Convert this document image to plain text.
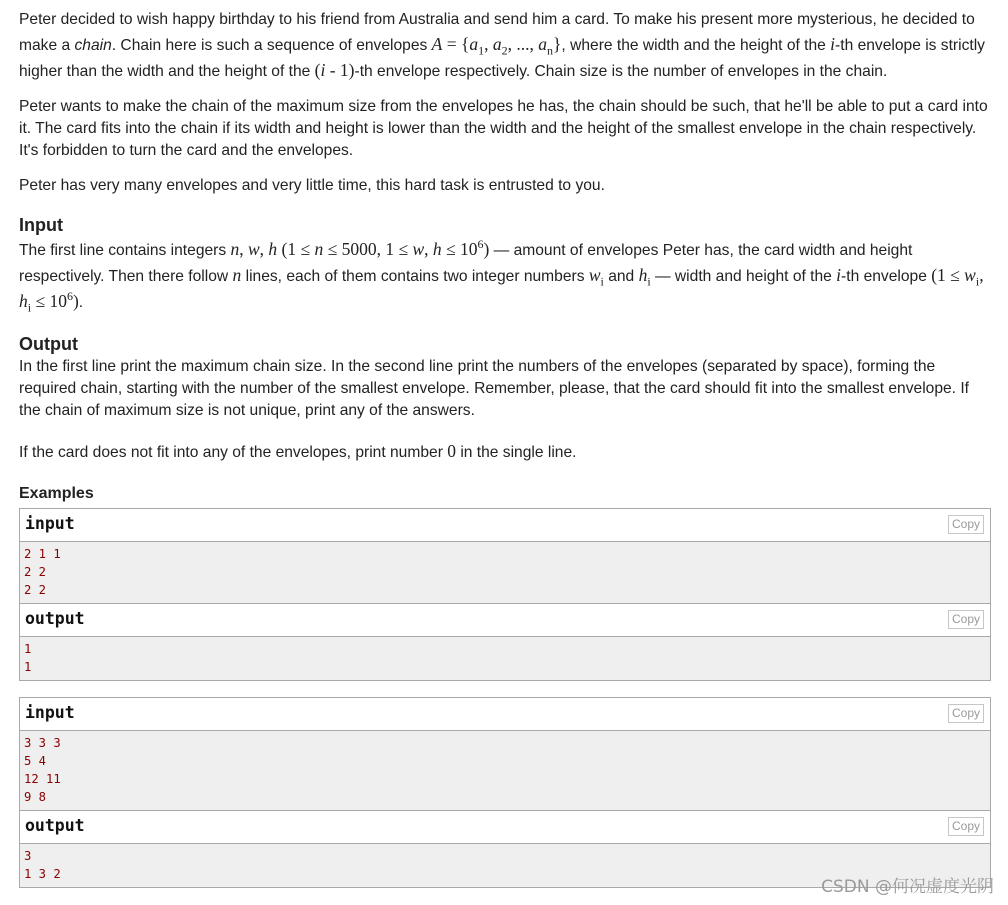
Peter decided to wish happy birthday to his friend from Australia and send him a card. To make his present more mysterious, he decided to make a chain. Chain here is such a sequence of envelopes $A = \{a_1$, $a_2$, ..., $a_n$}, where the width and the height of the i-th envelope is strictly higher than the width and the height of the (i - 1)-th envelope respectively. Chain size is the number of envelopes in the chain.

Peter wants to make the chain of the maximum size from the envelopes he has, the chain should be such, that he'll be able to put a card into it. The card fits into the chain if its width and height is lower than the width and the height of the smallest envelope in the chain respectively. It's forbidden to turn the card and the envelopes.

Peter has very many envelopes and very little time, this hard task is entrusted to you.

Input

The first line contains integers n, w, h (1 ≤ n ≤ 5000, 1 ≤ w, $h \le 10^6$) — amount of envelopes Peter has, the card width and height respectively. Then there follow n lines, each of them contains two integer numbers $w_i$ and $h_i$ — width and height of the i-th envelope ($1 \le w_i$, $h_i \le 10^6$).

Output

In the first line print the maximum chain size. In the second line print the numbers of the envelopes (separated by space), forming the required chain, starting with the number of the smallest envelope. Remember, please, that the card should fit into the smallest envelope. If the chain of maximum size is not unique, print any of the answers.

If the card does not fit into any of the envelopes, print number 0 in the single line.

Examples
input	Copy
2 1 1
2 2
2 2
output	Copy
1
1
input	Copy
3 3 3
5 4
12 11
9 8
output	Copy
3
1 3 2
CSDN @何况虚度光阴
